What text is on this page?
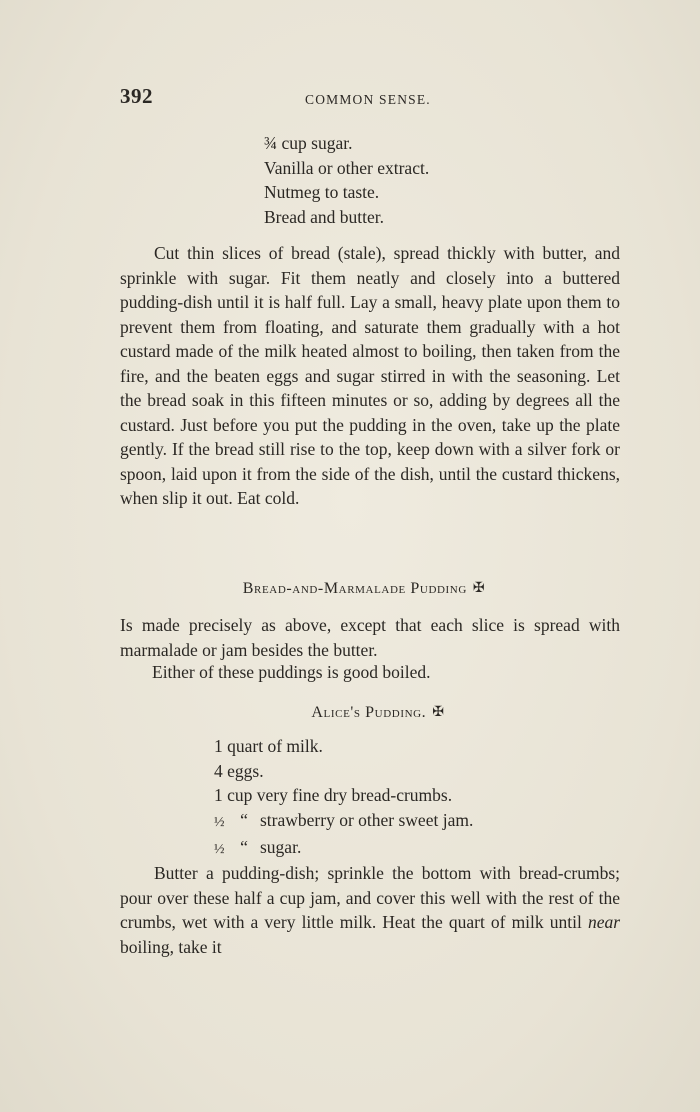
392	COMMON SENSE.
¾ cup sugar.
Vanilla or other extract.
Nutmeg to taste.
Bread and butter.
Cut thin slices of bread (stale), spread thickly with butter, and sprinkle with sugar. Fit them neatly and closely into a buttered pudding-dish until it is half full. Lay a small, heavy plate upon them to prevent them from floating, and saturate them gradually with a hot custard made of the milk heated almost to boiling, then taken from the fire, and the beaten eggs and sugar stirred in with the seasoning. Let the bread soak in this fifteen minutes or so, adding by degrees all the custard. Just before you put the pudding in the oven, take up the plate gently. If the bread still rise to the top, keep down with a silver fork or spoon, laid upon it from the side of the dish, until the custard thickens, when slip it out. Eat cold.
Bread-and-Marmalade Pudding ✠
Is made precisely as above, except that each slice is spread with marmalade or jam besides the butter.
Either of these puddings is good boiled.
Alice's Pudding. ✠
1 quart of milk.
4 eggs.
1 cup very fine dry bread-crumbs.
½ “ strawberry or other sweet jam.
½ “ sugar.
Butter a pudding-dish; sprinkle the bottom with bread-crumbs; pour over these half a cup jam, and cover this well with the rest of the crumbs, wet with a very little milk. Heat the quart of milk until near boiling, take it
